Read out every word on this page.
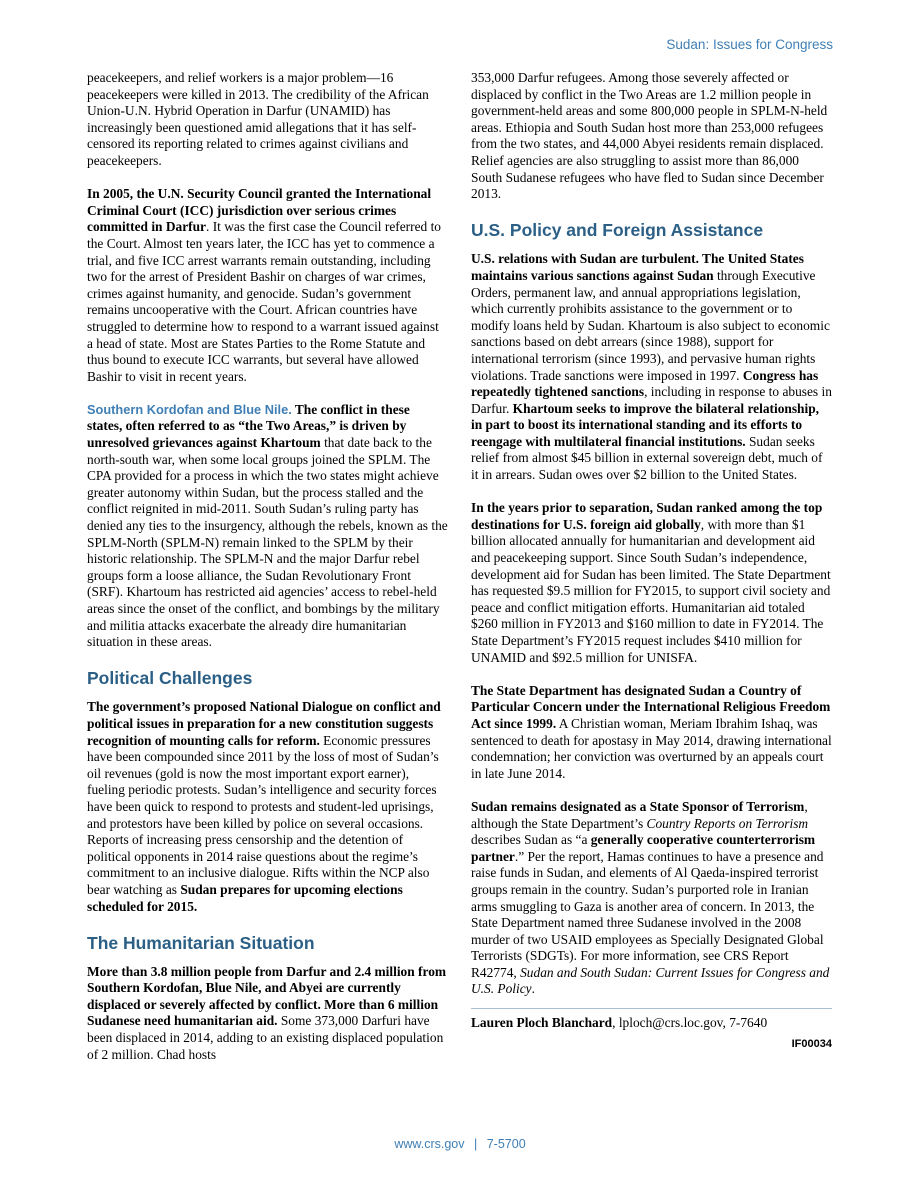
Sudan: Issues for Congress

peacekeepers, and relief workers is a major problem—16 peacekeepers were killed in 2013. The credibility of the African Union-U.N. Hybrid Operation in Darfur (UNAMID) has increasingly been questioned amid allegations that it has self-censored its reporting related to crimes against civilians and peacekeepers.

In 2005, the U.N. Security Council granted the International Criminal Court (ICC) jurisdiction over serious crimes committed in Darfur. It was the first case the Council referred to the Court. Almost ten years later, the ICC has yet to commence a trial, and five ICC arrest warrants remain outstanding, including two for the arrest of President Bashir on charges of war crimes, crimes against humanity, and genocide. Sudan’s government remains uncooperative with the Court. African countries have struggled to determine how to respond to a warrant issued against a head of state. Most are States Parties to the Rome Statute and thus bound to execute ICC warrants, but several have allowed Bashir to visit in recent years.

Southern Kordofan and Blue Nile. The conflict in these states, often referred to as “the Two Areas,” is driven by unresolved grievances against Khartoum that date back to the north-south war, when some local groups joined the SPLM. The CPA provided for a process in which the two states might achieve greater autonomy within Sudan, but the process stalled and the conflict reignited in mid-2011. South Sudan’s ruling party has denied any ties to the insurgency, although the rebels, known as the SPLM-North (SPLM-N) remain linked to the SPLM by their historic relationship. The SPLM-N and the major Darfur rebel groups form a loose alliance, the Sudan Revolutionary Front (SRF). Khartoum has restricted aid agencies’ access to rebel-held areas since the onset of the conflict, and bombings by the military and militia attacks exacerbate the already dire humanitarian situation in these areas.

Political Challenges

The government’s proposed National Dialogue on conflict and political issues in preparation for a new constitution suggests recognition of mounting calls for reform. Economic pressures have been compounded since 2011 by the loss of most of Sudan’s oil revenues (gold is now the most important export earner), fueling periodic protests. Sudan’s intelligence and security forces have been quick to respond to protests and student-led uprisings, and protestors have been killed by police on several occasions. Reports of increasing press censorship and the detention of political opponents in 2014 raise questions about the regime’s commitment to an inclusive dialogue. Rifts within the NCP also bear watching as Sudan prepares for upcoming elections scheduled for 2015.

The Humanitarian Situation

More than 3.8 million people from Darfur and 2.4 million from Southern Kordofan, Blue Nile, and Abyei are currently displaced or severely affected by conflict. More than 6 million Sudanese need humanitarian aid. Some 373,000 Darfuri have been displaced in 2014, adding to an existing displaced population of 2 million. Chad hosts

353,000 Darfur refugees. Among those severely affected or displaced by conflict in the Two Areas are 1.2 million people in government-held areas and some 800,000 people in SPLM-N-held areas. Ethiopia and South Sudan host more than 253,000 refugees from the two states, and 44,000 Abyei residents remain displaced. Relief agencies are also struggling to assist more than 86,000 South Sudanese refugees who have fled to Sudan since December 2013.

U.S. Policy and Foreign Assistance

U.S. relations with Sudan are turbulent. The United States maintains various sanctions against Sudan through Executive Orders, permanent law, and annual appropriations legislation, which currently prohibits assistance to the government or to modify loans held by Sudan. Khartoum is also subject to economic sanctions based on debt arrears (since 1988), support for international terrorism (since 1993), and pervasive human rights violations. Trade sanctions were imposed in 1997. Congress has repeatedly tightened sanctions, including in response to abuses in Darfur. Khartoum seeks to improve the bilateral relationship, in part to boost its international standing and its efforts to reengage with multilateral financial institutions. Sudan seeks relief from almost $45 billion in external sovereign debt, much of it in arrears. Sudan owes over $2 billion to the United States.

In the years prior to separation, Sudan ranked among the top destinations for U.S. foreign aid globally, with more than $1 billion allocated annually for humanitarian and development aid and peacekeeping support. Since South Sudan’s independence, development aid for Sudan has been limited. The State Department has requested $9.5 million for FY2015, to support civil society and peace and conflict mitigation efforts. Humanitarian aid totaled $260 million in FY2013 and $160 million to date in FY2014. The State Department’s FY2015 request includes $410 million for UNAMID and $92.5 million for UNISFA.

The State Department has designated Sudan a Country of Particular Concern under the International Religious Freedom Act since 1999. A Christian woman, Meriam Ibrahim Ishaq, was sentenced to death for apostasy in May 2014, drawing international condemnation; her conviction was overturned by an appeals court in late June 2014.

Sudan remains designated as a State Sponsor of Terrorism, although the State Department’s Country Reports on Terrorism describes Sudan as “a generally cooperative counterterrorism partner.” Per the report, Hamas continues to have a presence and raise funds in Sudan, and elements of Al Qaeda-inspired terrorist groups remain in the country. Sudan’s purported role in Iranian arms smuggling to Gaza is another area of concern. In 2013, the State Department named three Sudanese involved in the 2008 murder of two USAID employees as Specially Designated Global Terrorists (SDGTs). For more information, see CRS Report R42774, Sudan and South Sudan: Current Issues for Congress and U.S. Policy.

Lauren Ploch Blanchard, lploch@crs.loc.gov, 7-7640
IF00034
www.crs.gov | 7-5700
